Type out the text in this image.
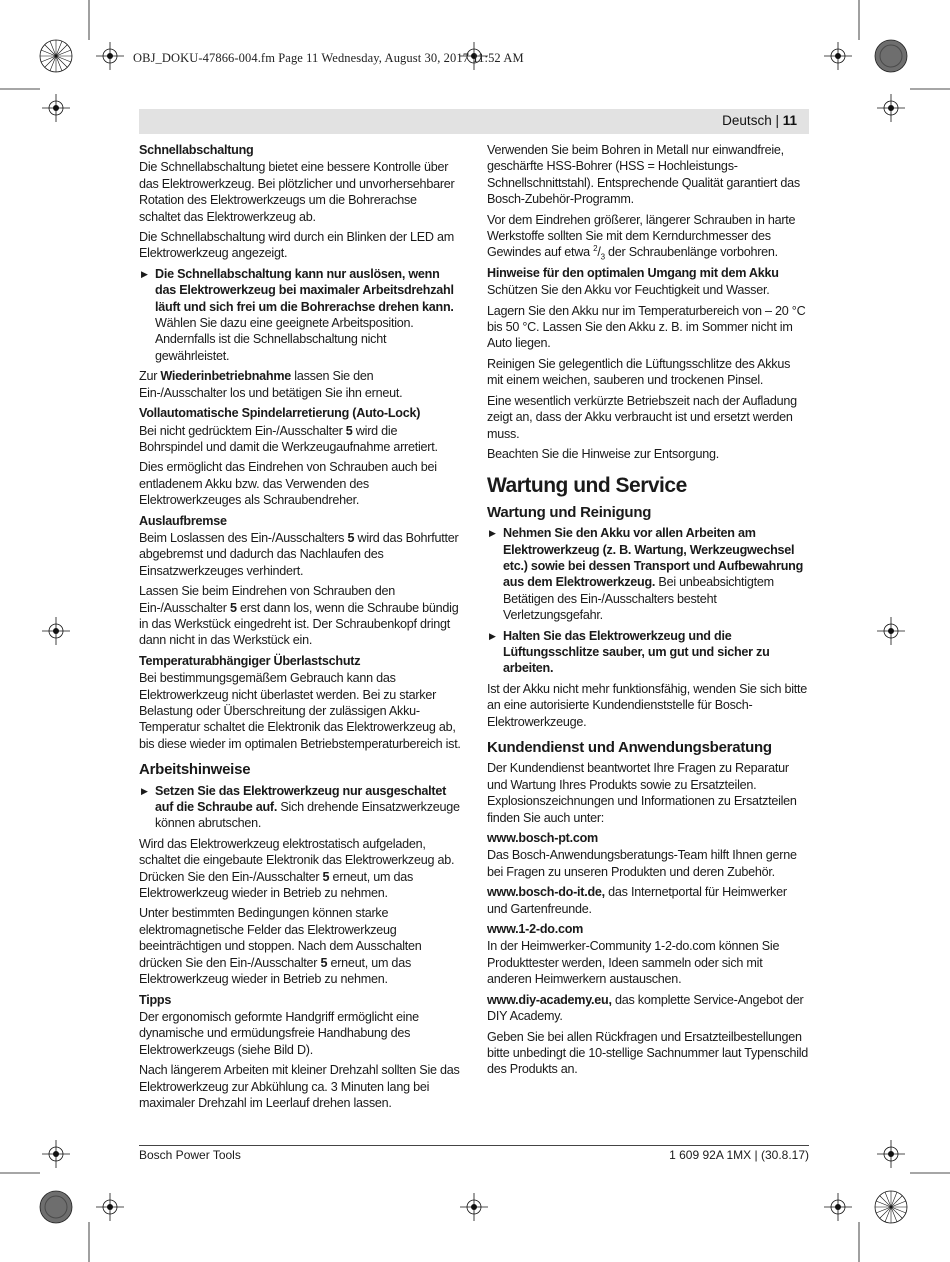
OBJ_DOKU-47866-004.fm Page 11 Wednesday, August 30, 2017 11:52 AM
Deutsch | 11
Schnellabschaltung

Die Schnellabschaltung bietet eine bessere Kontrolle über das Elektrowerkzeug. Bei plötzlicher und unvorhersehbarer Rotation des Elektrowerkzeugs um die Bohrerachse schaltet das Elektrowerkzeug ab.

Die Schnellabschaltung wird durch ein Blinken der LED am Elektrowerkzeug angezeigt.

▶ Die Schnellabschaltung kann nur auslösen, wenn das Elektrowerkzeug bei maximaler Arbeitsdrehzahl läuft und sich frei um die Bohrerachse drehen kann. Wählen Sie dazu eine geeignete Arbeitsposition. Andernfalls ist die Schnellabschaltung nicht gewährleistet.

Zur Wiederinbetriebnahme lassen Sie den Ein-/Ausschalter los und betätigen Sie ihn erneut.

Vollautomatische Spindelarretierung (Auto-Lock)

Bei nicht gedrücktem Ein-/Ausschalter 5 wird die Bohrspindel und damit die Werkzeugaufnahme arretiert.

Dies ermöglicht das Eindrehen von Schrauben auch bei entladenem Akku bzw. das Verwenden des Elektrowerkzeuges als Schraubendreher.

Auslaufbremse

Beim Loslassen des Ein-/Ausschalters 5 wird das Bohrfutter abgebremst und dadurch das Nachlaufen des Einsatzwerkzeuges verhindert.

Lassen Sie beim Eindrehen von Schrauben den Ein-/Ausschalter 5 erst dann los, wenn die Schraube bündig in das Werkstück eingedreht ist. Der Schraubenkopf dringt dann nicht in das Werkstück ein.

Temperaturabhängiger Überlastschutz

Bei bestimmungsgemäßem Gebrauch kann das Elektrowerkzeug nicht überlastet werden. Bei zu starker Belastung oder Überschreitung der zulässigen Akku-Temperatur schaltet die Elektronik das Elektrowerkzeug ab, bis diese wieder im optimalen Betriebstemperaturbereich ist.

Arbeitshinweise
▶ Setzen Sie das Elektrowerkzeug nur ausgeschaltet auf die Schraube auf. Sich drehende Einsatzwerkzeuge können abrutschen.

Wird das Elektrowerkzeug elektrostatisch aufgeladen, schaltet die eingebaute Elektronik das Elektrowerkzeug ab. Drücken Sie den Ein-/Ausschalter 5 erneut, um das Elektrowerkzeug wieder in Betrieb zu nehmen.

Unter bestimmten Bedingungen können starke elektromagnetische Felder das Elektrowerkzeug beeinträchtigen und stoppen. Nach dem Ausschalten drücken Sie den Ein-/Ausschalter 5 erneut, um das Elektrowerkzeug wieder in Betrieb zu nehmen.

Tipps

Der ergonomisch geformte Handgriff ermöglicht eine dynamische und ermüdungsfreie Handhabung des Elektrowerkzeugs (siehe Bild D).

Nach längerem Arbeiten mit kleiner Drehzahl sollten Sie das Elektrowerkzeug zur Abkühlung ca. 3 Minuten lang bei maximaler Drehzahl im Leerlauf drehen lassen.

Verwenden Sie beim Bohren in Metall nur einwandfreie, geschärfte HSS-Bohrer (HSS = Hochleistungs-Schnellschnittstahl). Entsprechende Qualität garantiert das Bosch-Zubehör-Programm.

Vor dem Eindrehen größerer, längerer Schrauben in harte Werkstoffe sollten Sie mit dem Kerndurchmesser des Gewindes auf etwa $^2/_3$ der Schraubenlänge vorbohren.

Hinweise für den optimalen Umgang mit dem Akku

Schützen Sie den Akku vor Feuchtigkeit und Wasser.

Lagern Sie den Akku nur im Temperaturbereich von – 20 °C bis 50 °C. Lassen Sie den Akku z. B. im Sommer nicht im Auto liegen.

Reinigen Sie gelegentlich die Lüftungsschlitze des Akkus mit einem weichen, sauberen und trockenen Pinsel.

Eine wesentlich verkürzte Betriebszeit nach der Aufladung zeigt an, dass der Akku verbraucht ist und ersetzt werden muss.

Beachten Sie die Hinweise zur Entsorgung.

Wartung und Service
Wartung und Reinigung
▶ Nehmen Sie den Akku vor allen Arbeiten am Elektrowerkzeug (z. B. Wartung, Werkzeugwechsel etc.) sowie bei dessen Transport und Aufbewahrung aus dem Elektrowerkzeug. Bei unbeabsichtigtem Betätigen des Ein-/Ausschalters besteht Verletzungsgefahr.
▶ Halten Sie das Elektrowerkzeug und die Lüftungsschlitze sauber, um gut und sicher zu arbeiten.

Ist der Akku nicht mehr funktionsfähig, wenden Sie sich bitte an eine autorisierte Kundendienststelle für Bosch-Elektrowerkzeuge.

Kundendienst und Anwendungsberatung

Der Kundendienst beantwortet Ihre Fragen zu Reparatur und Wartung Ihres Produkts sowie zu Ersatzteilen. Explosionszeichnungen und Informationen zu Ersatzteilen finden Sie auch unter:

www.bosch-pt.com

Das Bosch-Anwendungsberatungs-Team hilft Ihnen gerne bei Fragen zu unseren Produkten und deren Zubehör.

www.bosch-do-it.de, das Internetportal für Heimwerker und Gartenfreunde.

www.1-2-do.com

In der Heimwerker-Community 1-2-do.com können Sie Produkttester werden, Ideen sammeln oder sich mit anderen Heimwerkern austauschen.

www.diy-academy.eu, das komplette Service-Angebot der DIY Academy.

Geben Sie bei allen Rückfragen und Ersatzteilbestellungen bitte unbedingt die 10-stellige Sachnummer laut Typenschild des Produkts an.

Bosch Power Tools	1 609 92A 1MX | (30.8.17)
